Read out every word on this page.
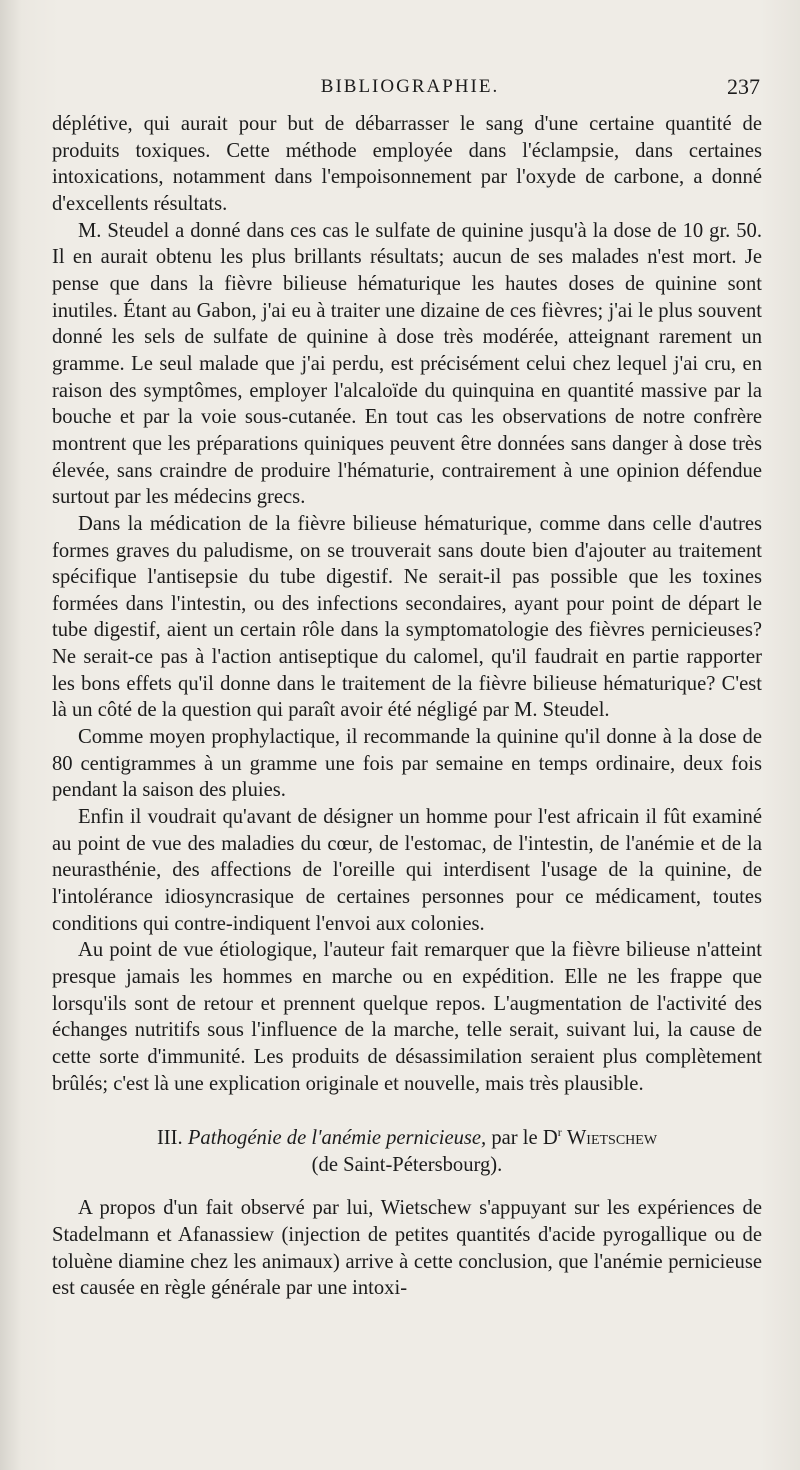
BIBLIOGRAPHIE.	237

déplétive, qui aurait pour but de débarrasser le sang d'une certaine quantité de produits toxiques. Cette méthode employée dans l'éclampsie, dans certaines intoxications, notamment dans l'empoisonnement par l'oxyde de carbone, a donné d'excellents résultats.

M. Steudel a donné dans ces cas le sulfate de quinine jusqu'à la dose de 10 gr. 50. Il en aurait obtenu les plus brillants résultats; aucun de ses malades n'est mort. Je pense que dans la fièvre bilieuse hématurique les hautes doses de quinine sont inutiles. Étant au Gabon, j'ai eu à traiter une dizaine de ces fièvres; j'ai le plus souvent donné les sels de sulfate de quinine à dose très modérée, atteignant rarement un gramme. Le seul malade que j'ai perdu, est précisément celui chez lequel j'ai cru, en raison des symptômes, employer l'alcaloïde du quinquina en quantité massive par la bouche et par la voie sous-cutanée. En tout cas les observations de notre confrère montrent que les préparations quiniques peuvent être données sans danger à dose très élevée, sans craindre de produire l'hématurie, contrairement à une opinion défendue surtout par les médecins grecs.

Dans la médication de la fièvre bilieuse hématurique, comme dans celle d'autres formes graves du paludisme, on se trouverait sans doute bien d'ajouter au traitement spécifique l'antisepsie du tube digestif. Ne serait-il pas possible que les toxines formées dans l'intestin, ou des infections secondaires, ayant pour point de départ le tube digestif, aient un certain rôle dans la symptomatologie des fièvres pernicieuses? Ne serait-ce pas à l'action antiseptique du calomel, qu'il faudrait en partie rapporter les bons effets qu'il donne dans le traitement de la fièvre bilieuse hématurique? C'est là un côté de la question qui paraît avoir été négligé par M. Steudel.

Comme moyen prophylactique, il recommande la quinine qu'il donne à la dose de 80 centigrammes à un gramme une fois par semaine en temps ordinaire, deux fois pendant la saison des pluies.

Enfin il voudrait qu'avant de désigner un homme pour l'est africain il fût examiné au point de vue des maladies du cœur, de l'estomac, de l'intestin, de l'anémie et de la neurasthénie, des affections de l'oreille qui interdisent l'usage de la quinine, de l'intolérance idiosyncrasique de certaines personnes pour ce médicament, toutes conditions qui contre-indiquent l'envoi aux colonies.

Au point de vue étiologique, l'auteur fait remarquer que la fièvre bilieuse n'atteint presque jamais les hommes en marche ou en expédition. Elle ne les frappe que lorsqu'ils sont de retour et prennent quelque repos. L'augmentation de l'activité des échanges nutritifs sous l'influence de la marche, telle serait, suivant lui, la cause de cette sorte d'immunité. Les produits de désassimilation seraient plus complètement brûlés; c'est là une explication originale et nouvelle, mais très plausible.

III. Pathogénie de l'anémie pernicieuse, par le $D^r$ Wietschew
(de Saint-Pétersbourg).

A propos d'un fait observé par lui, Wietschew s'appuyant sur les expériences de Stadelmann et Afanassiew (injection de petites quantités d'acide pyrogallique ou de toluène diamine chez les animaux) arrive à cette conclusion, que l'anémie pernicieuse est causée en règle générale par une intoxi-
